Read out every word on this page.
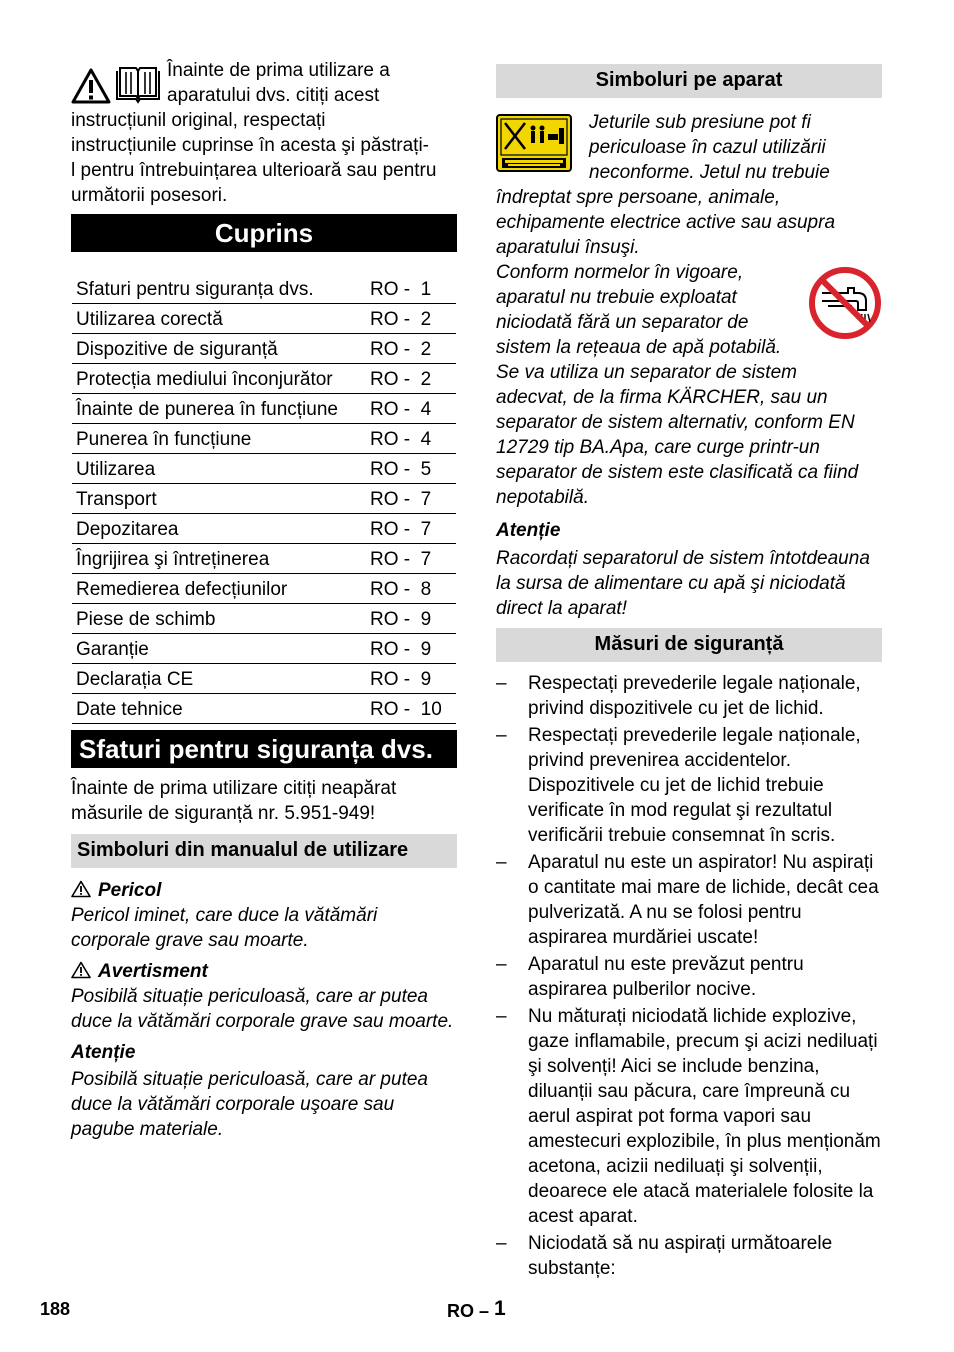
Înainte de prima utilizare a
aparatului dvs. citiți acest
instrucțiunil original, respectați
instrucțiunile cuprinse în acesta şi păstrați-
l pentru întrebuințarea ulterioară sau pentru
următorii posesori.
Cuprins
Sfaturi pentru siguranța dvs.	RO -  1
Utilizarea corectă	RO -  2
Dispozitive de siguranță	RO -  2
Protecția mediului înconjurător	RO -  2
Înainte de punerea în funcțiune	RO -  4
Punerea în funcțiune	RO -  4
Utilizarea	RO -  5
Transport	RO -  7
Depozitarea	RO -  7
Îngrijirea şi întreținerea	RO -  7
Remedierea defecțiunilor	RO -  8
Piese de schimb	RO -  9
Garanție	RO -  9
Declarația CE	RO -  9
Date tehnice	RO -  10
Sfaturi pentru siguranța dvs.

Înainte de prima utilizare citiți neapărat măsurile de siguranță nr. 5.951-949!

Simboluri din manualul de utilizare
Pericol

Pericol iminet, care duce la vătămări corporale grave sau moarte.

Avertisment

Posibilă situație periculoasă, care ar putea duce la vătămări corporale grave sau moarte.

Atenție

Posibilă situație periculoasă, care ar putea duce la vătămări corporale uşoare sau pagube materiale.

Simboluri pe aparat
Jeturile sub presiune pot fi
periculoase în cazul utilizării
neconforme. Jetul nu trebuie
îndreptat spre persoane, animale,
echipamente electrice active sau asupra
aparatului însuşi.
Conform normelor în vigoare,
aparatul nu trebuie exploatat
niciodată fără un separator de
sistem la rețeaua de apă potabilă.
Se va utiliza un separator de sistem
adecvat, de la firma KÄRCHER, sau un
separator de sistem alternativ, conform EN
12729 tip BA.Apa, care curge printr-un
separator de sistem este clasificată ca fiind
nepotabilă.
Atenție

Racordați separatorul de sistem întotdeauna la sursa de alimentare cu apă şi niciodată direct la aparat!

Măsuri de siguranță
– Respectați prevederile legale naționale, privind dispozitivele cu jet de lichid.
– Respectați prevederile legale naționale, privind prevenirea accidentelor. Dispozitivele cu jet de lichid trebuie verificate în mod regulat şi rezultatul verificării trebuie consemnat în scris.
– Aparatul nu este un aspirator! Nu aspirați o cantitate mai mare de lichide, decât cea pulverizată. A nu se folosi pentru aspirarea murdăriei uscate!
– Aparatul nu este prevăzut pentru aspirarea pulberilor nocive.
– Nu măturați niciodată lichide explozive, gaze inflamabile, precum şi acizi nediluați şi solvenți! Aici se include benzina, diluanții sau păcura, care împreună cu aerul aspirat pot forma vapori sau amestecuri explozibile, în plus menționăm acetona, acizii nediluați şi solvenții, deoarece ele atacă materialele folosite la acest aparat.
– Niciodată să nu aspirați următoarele substanțe:
188	RO – 1
